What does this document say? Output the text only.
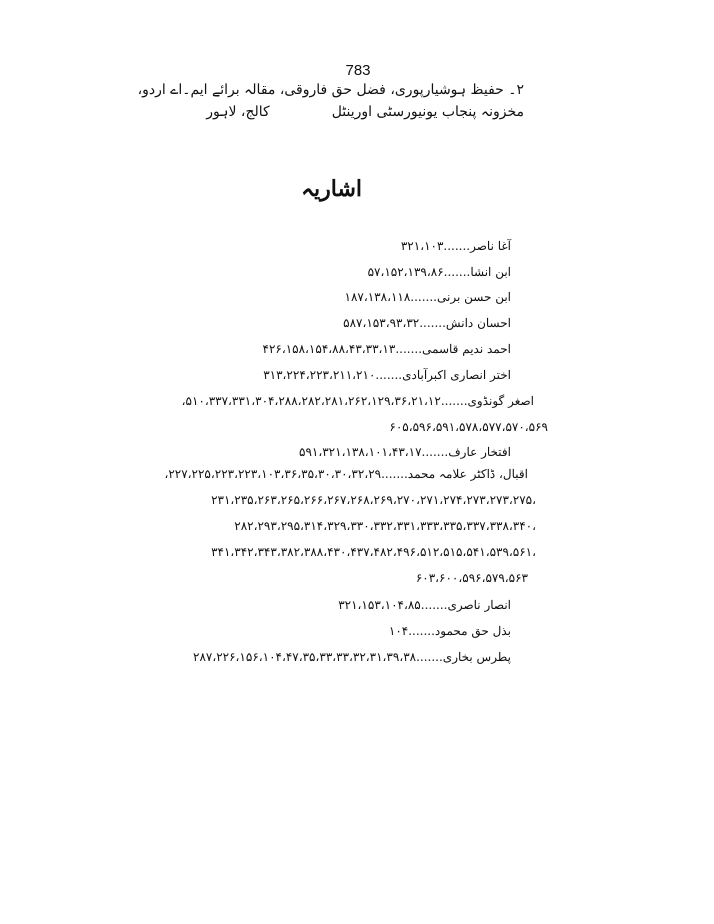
783
۲۔ حفیظ ہوشیارپوری، فضل حق فاروقی، مقالہ برائے ایم۔اے اردو،
مخزونہ پنجاب یونیورسٹی اورینٹلکالج، لاہور
اشاریہ
آغا ناصر.......۳۲۱،۱۰۳
ابن انشا.......۵۷،۱۵۲،۱۳۹،۸۶
ابن حسن برنی.......۱۸۷،۱۳۸،۱۱۸
احسان دانش.......۵۸۷،۱۵۳،۹۳،۳۲
احمد ندیم قاسمی.......۴۲۶،۱۵۸،۱۵۴،۸۸،۴۳،۳۳،۱۳
اختر انصاری اکبرآبادی.......۳۱۳،۲۲۴،۲۲۳،۲۱۱،۲۱۰
اصغر گونڈوی.......۵۱۰،۳۳۷،۳۳۱،۳۰۴،۲۸۸،۲۸۲،۲۸۱،۲۶۲،۱۲۹،۳۶،۲۱،۱۲،
۶۰۵،۵۹۶،۵۹۱،۵۷۸،۵۷۷،۵۷۰،۵۶۹
افتخار عارف.......۵۹۱،۳۲۱،۱۳۸،۱۰۱،۴۳،۱۷
اقبال، ڈاکٹر علامہ محمد.......۲۲۷،۲۲۵،۲۲۳،۲۲۳،۱۰۳،۳۶،۳۵،۳۰،۳۰،۳۲،۲۹،
۲۳۱،۲۳۵،۲۶۳،۲۶۵،۲۶۶،۲۶۷،۲۶۸،۲۶۹،۲۷۰،۲۷۱،۲۷۴،۲۷۳،۲۷۳،۲۷۵،
۲۸۲،۲۹۳،۲۹۵،۳۱۴،۳۲۹،۳۳۰،۳۳۲،۳۳۱،۳۳۳،۳۳۵،۳۳۷،۳۳۸،۳۴۰،
۳۴۱،۳۴۲،۳۴۳،۳۸۲،۳۸۸،۴۳۰،۴۳۷،۴۸۲،۴۹۶،۵۱۲،۵۱۵،۵۴۱،۵۳۹،۵۶۱،
۶۰۳،۶۰۰،۵۹۶،۵۷۹،۵۶۳
انصار ناصری.......۳۲۱،۱۵۳،۱۰۴،۸۵
بذل حق محمود.......۱۰۴
پطرس بخاری.......۲۸۷،۲۲۶،۱۵۶،۱۰۴،۴۷،۳۵،۳۳،۳۳،۳۲،۳۱،۳۹،۳۸
